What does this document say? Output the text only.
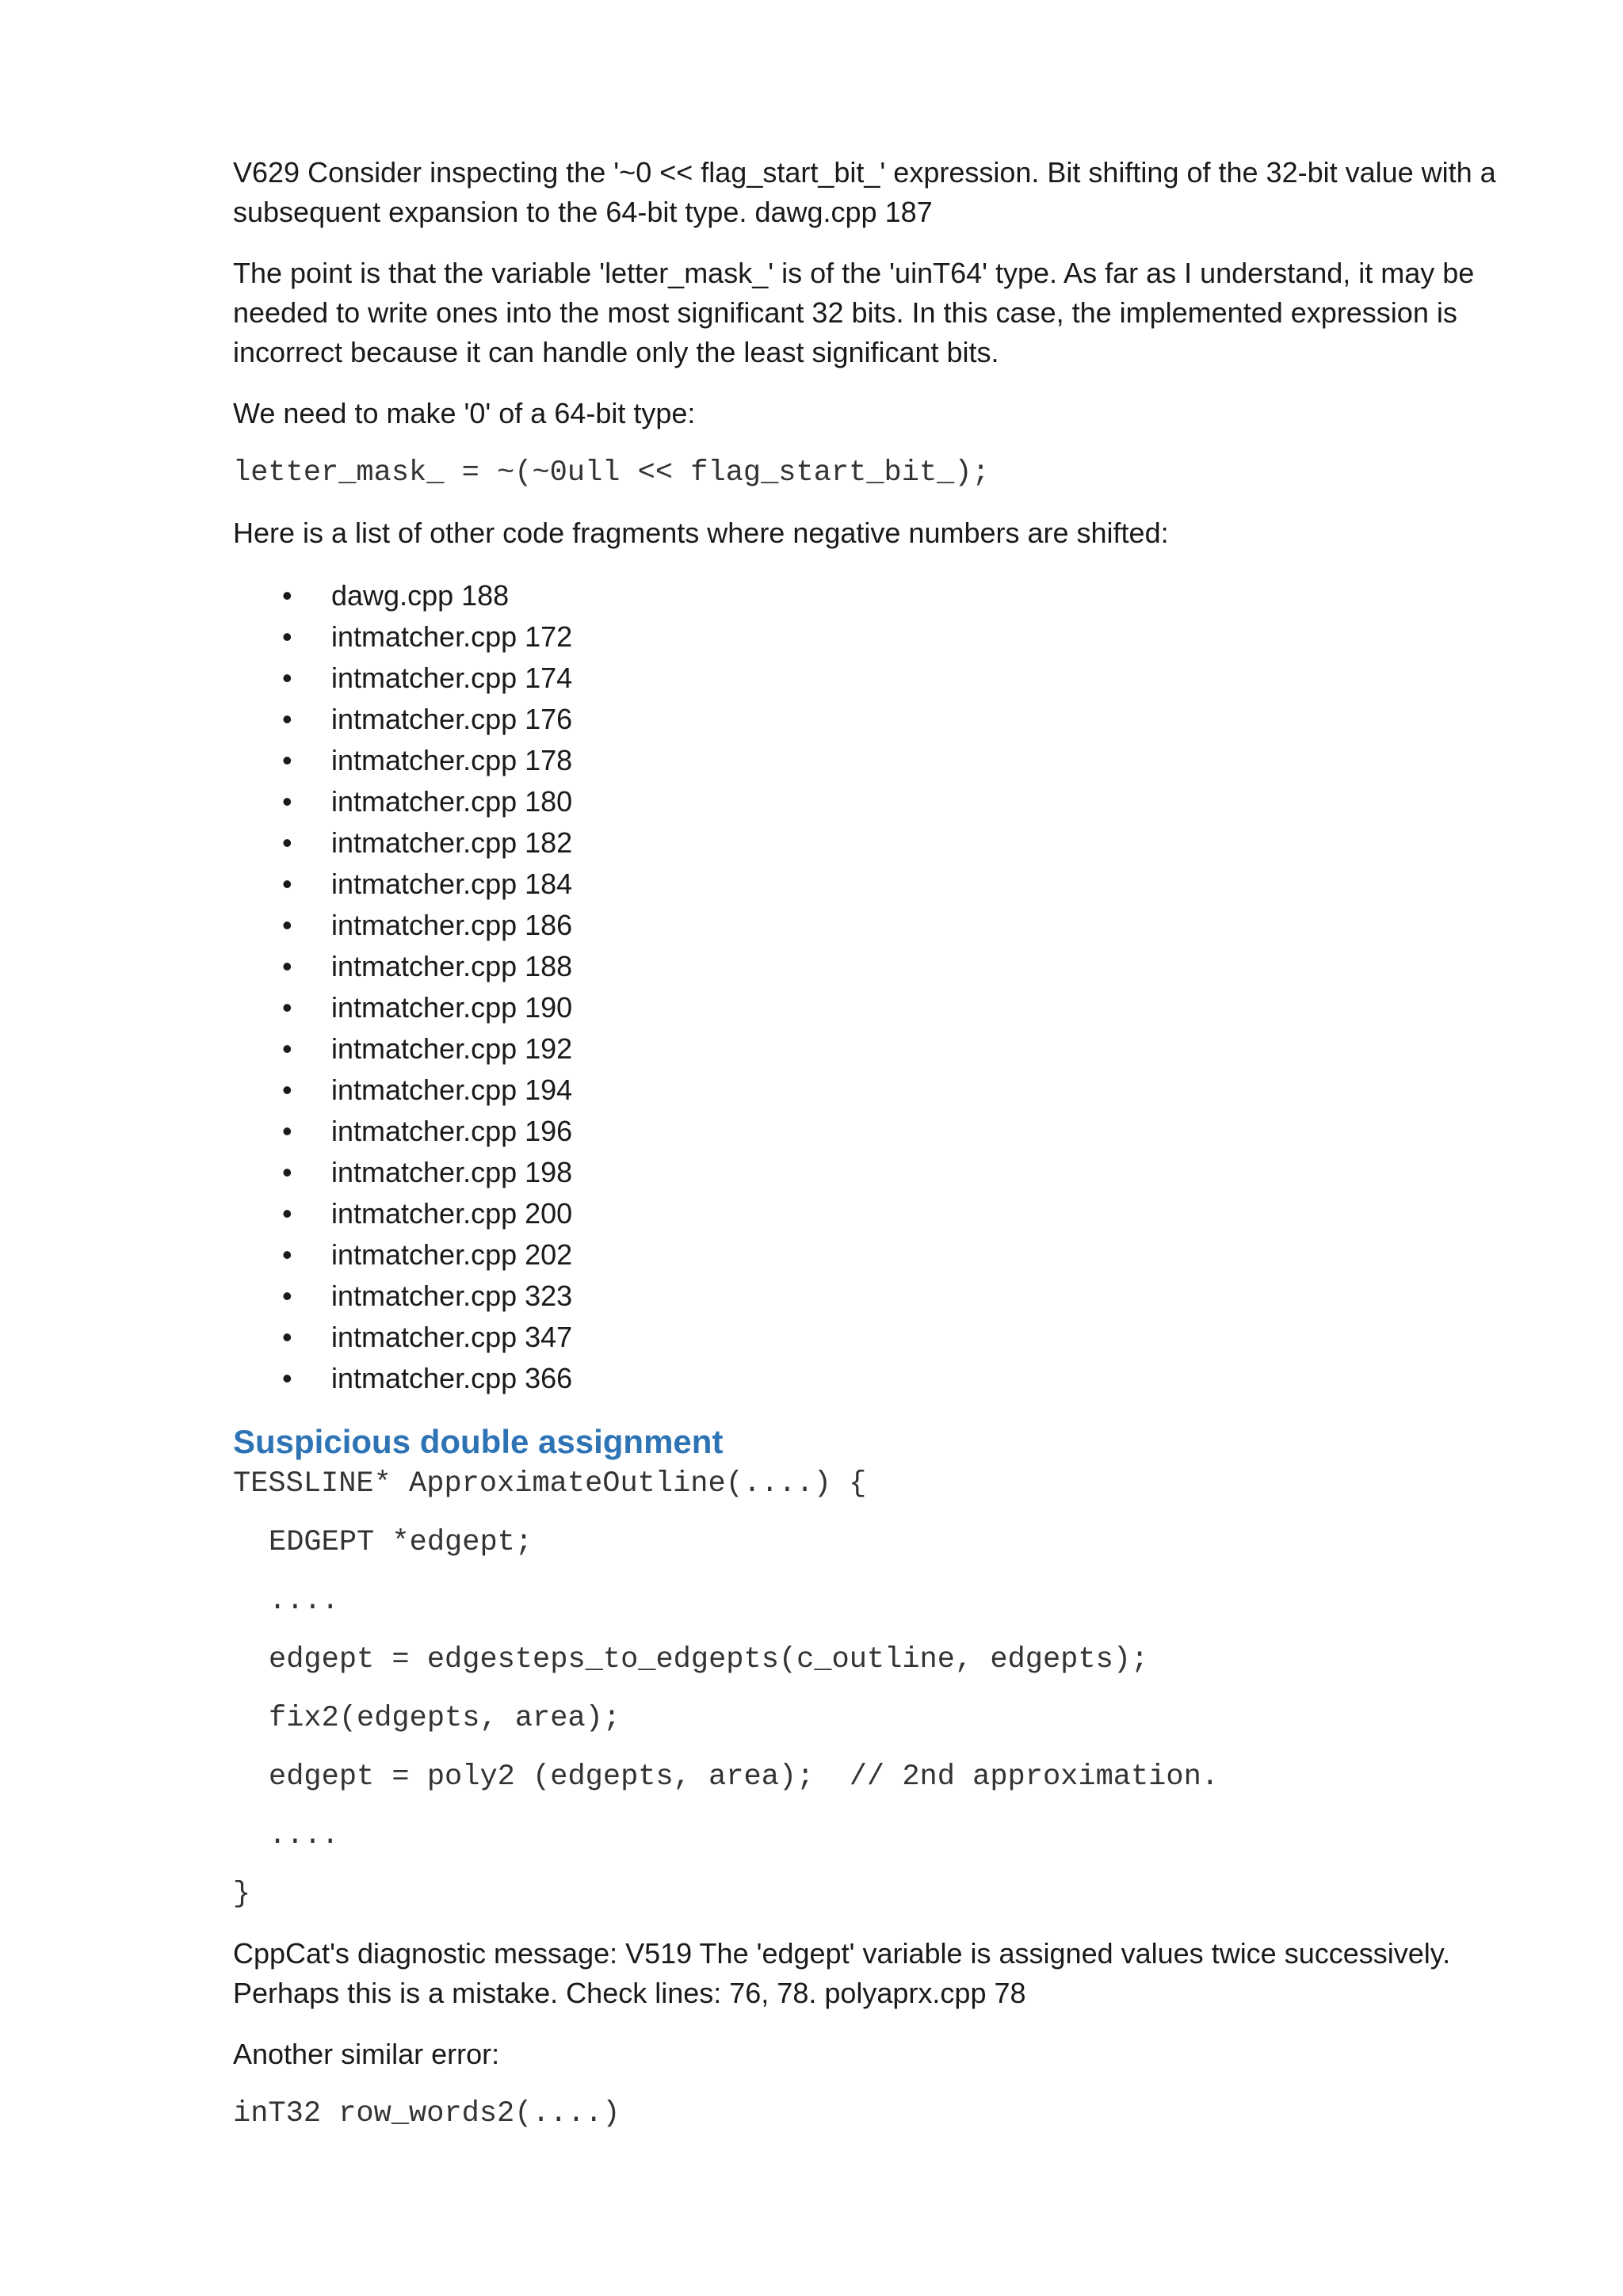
V629 Consider inspecting the '~0 << flag_start_bit_' expression. Bit shifting of the 32-bit value with a subsequent expansion to the 64-bit type. dawg.cpp 187

The point is that the variable 'letter_mask_' is of the 'uinT64' type. As far as I understand, it may be needed to write ones into the most significant 32 bits. In this case, the implemented expression is incorrect because it can handle only the least significant bits.

We need to make '0' of a 64-bit type:

letter_mask_ = ~(~0ull << flag_start_bit_);

Here is a list of other code fragments where negative numbers are shifted:

•	dawg.cpp 188
•	intmatcher.cpp 172
•	intmatcher.cpp 174
•	intmatcher.cpp 176
•	intmatcher.cpp 178
•	intmatcher.cpp 180
•	intmatcher.cpp 182
•	intmatcher.cpp 184
•	intmatcher.cpp 186
•	intmatcher.cpp 188
•	intmatcher.cpp 190
•	intmatcher.cpp 192
•	intmatcher.cpp 194
•	intmatcher.cpp 196
•	intmatcher.cpp 198
•	intmatcher.cpp 200
•	intmatcher.cpp 202
•	intmatcher.cpp 323
•	intmatcher.cpp 347
•	intmatcher.cpp 366
Suspicious double assignment
TESSLINE* ApproximateOutline(....) {
EDGEPT *edgept;
....
edgept = edgesteps_to_edgepts(c_outline, edgepts);
fix2(edgepts, area);
edgept = poly2 (edgepts, area);  // 2nd approximation.
....
}

CppCat's diagnostic message: V519 The 'edgept' variable is assigned values twice successively. Perhaps this is a mistake. Check lines: 76, 78. polyaprx.cpp 78

Another similar error:

inT32 row_words2(....)
